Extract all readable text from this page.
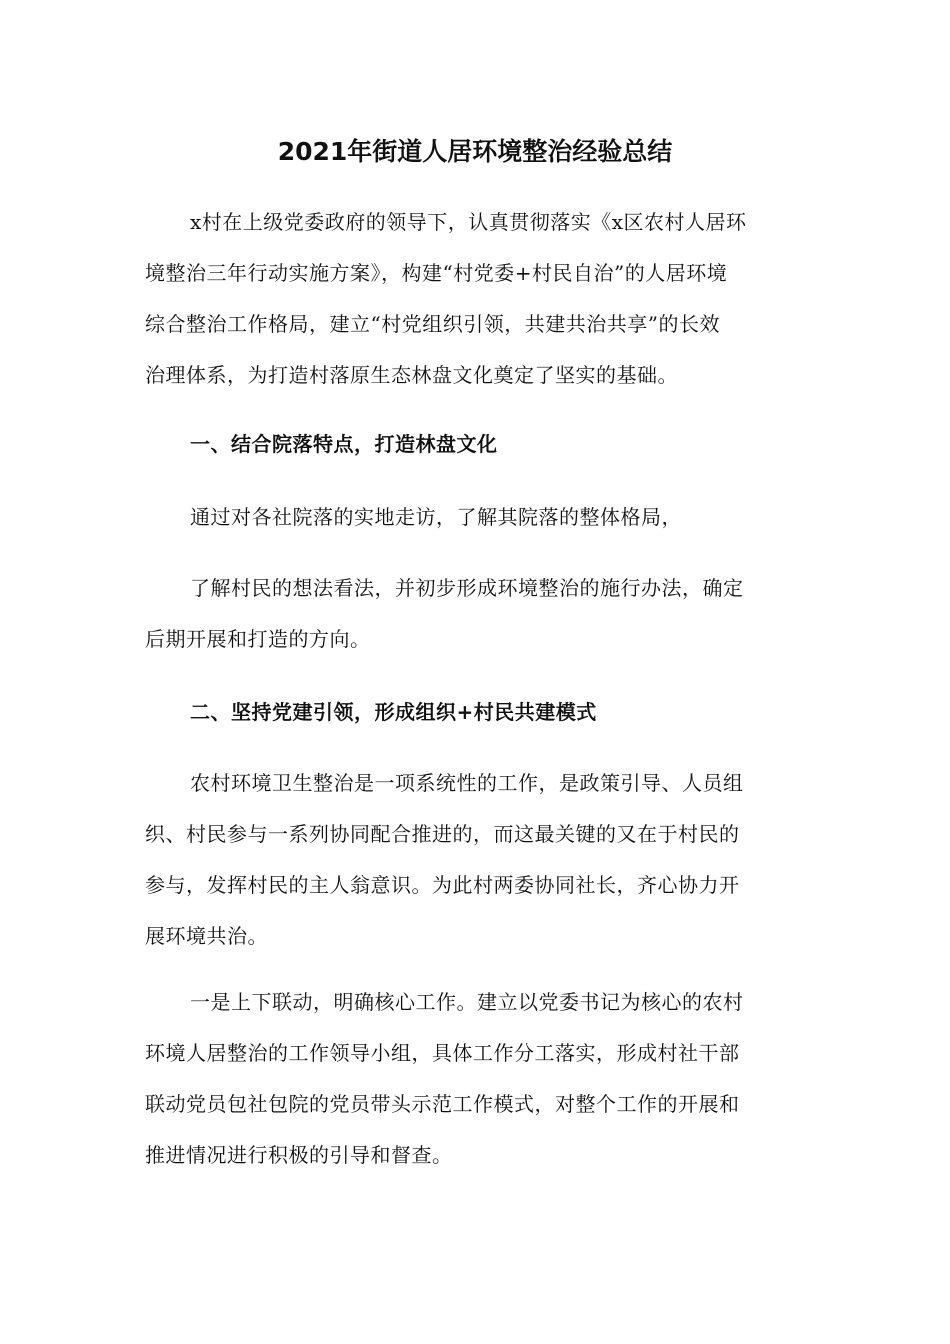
2021年街道人居环境整治经验总结
x村在上级党委政府的领导下，认真贯彻落实《x区农村人居环
境整治三年行动实施方案》，构建“村党委+村民自治”的人居环境
综合整治工作格局，建立“村党组织引领，共建共治共享”的长效
治理体系，为打造村落原生态林盘文化奠定了坚实的基础。
一、结合院落特点，打造林盘文化
通过对各社院落的实地走访，了解其院落的整体格局，
了解村民的想法看法，并初步形成环境整治的施行办法，确定
后期开展和打造的方向。
二、坚持党建引领，形成组织+村民共建模式
农村环境卫生整治是一项系统性的工作，是政策引导、人员组
织、村民参与一系列协同配合推进的，而这最关键的又在于村民的
参与，发挥村民的主人翁意识。为此村两委协同社长，齐心协力开
展环境共治。
一是上下联动，明确核心工作。建立以党委书记为核心的农村
环境人居整治的工作领导小组，具体工作分工落实，形成村社干部
联动党员包社包院的党员带头示范工作模式，对整个工作的开展和
推进情况进行积极的引导和督查。
